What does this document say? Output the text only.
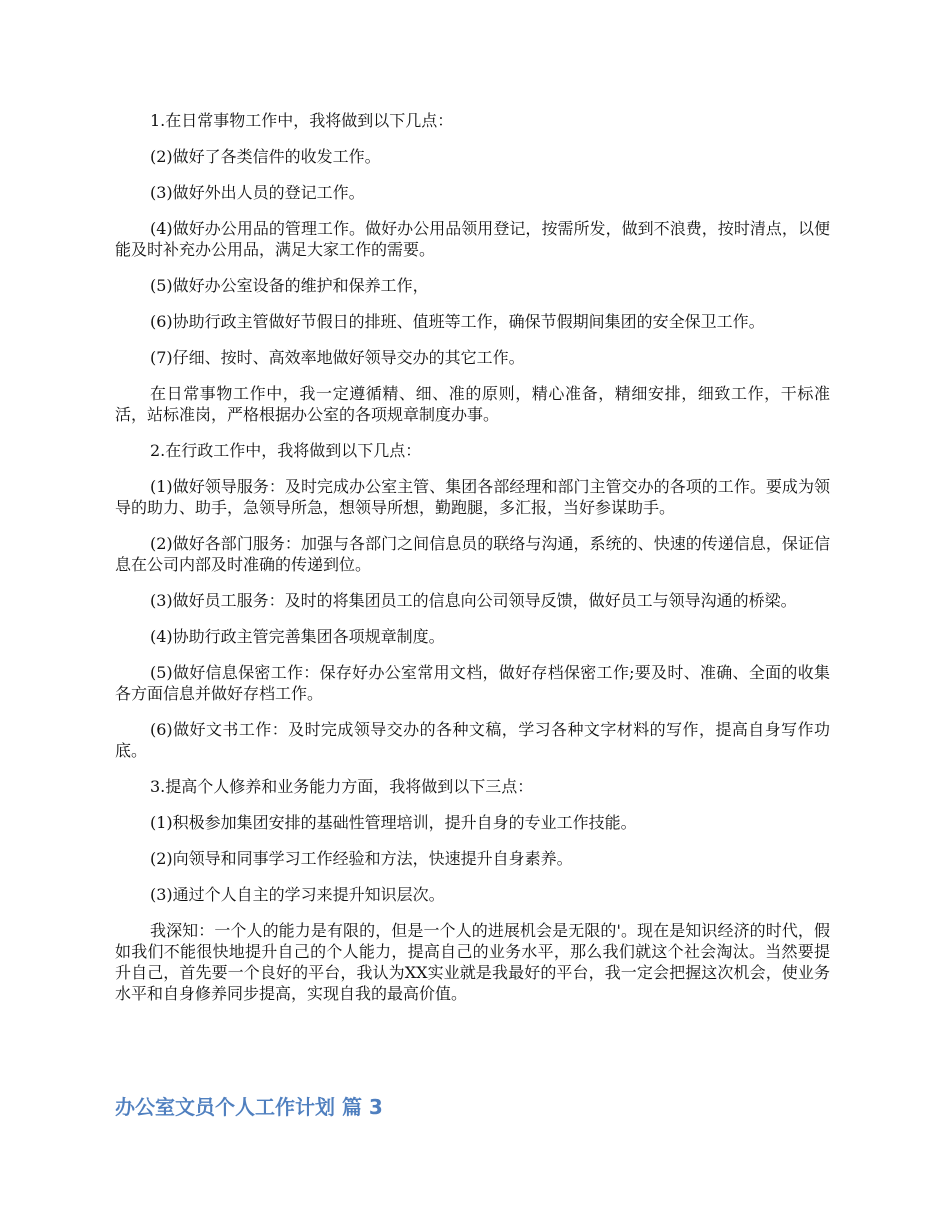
1.在日常事物工作中，我将做到以下几点：

(2)做好了各类信件的收发工作。

(3)做好外出人员的登记工作。

(4)做好办公用品的管理工作。做好办公用品领用登记，按需所发，做到不浪费，按时清点，以便能及时补充办公用品，满足大家工作的需要。

(5)做好办公室设备的维护和保养工作，

(6)协助行政主管做好节假日的排班、值班等工作，确保节假期间集团的安全保卫工作。

(7)仔细、按时、高效率地做好领导交办的其它工作。

在日常事物工作中，我一定遵循精、细、准的原则，精心准备，精细安排，细致工作，干标准活，站标准岗，严格根据办公室的各项规章制度办事。

2.在行政工作中，我将做到以下几点：

(1)做好领导服务：及时完成办公室主管、集团各部经理和部门主管交办的各项的工作。要成为领导的助力、助手，急领导所急，想领导所想，勤跑腿，多汇报，当好参谋助手。

(2)做好各部门服务：加强与各部门之间信息员的联络与沟通，系统的、快速的传递信息，保证信息在公司内部及时准确的传递到位。

(3)做好员工服务：及时的将集团员工的信息向公司领导反馈，做好员工与领导沟通的桥梁。

(4)协助行政主管完善集团各项规章制度。

(5)做好信息保密工作：保存好办公室常用文档，做好存档保密工作;要及时、准确、全面的收集各方面信息并做好存档工作。

(6)做好文书工作：及时完成领导交办的各种文稿，学习各种文字材料的写作，提高自身写作功底。

3.提高个人修养和业务能力方面，我将做到以下三点：

(1)积极参加集团安排的基础性管理培训，提升自身的专业工作技能。

(2)向领导和同事学习工作经验和方法，快速提升自身素养。

(3)通过个人自主的学习来提升知识层次。

我深知：一个人的能力是有限的，但是一个人的进展机会是无限的'。现在是知识经济的时代，假如我们不能很快地提升自己的个人能力，提高自己的业务水平，那么我们就这个社会淘汰。当然要提升自己，首先要一个良好的平台，我认为XX实业就是我最好的平台，我一定会把握这次机会，使业务水平和自身修养同步提高，实现自我的最高价值。

办公室文员个人工作计划 篇 3
